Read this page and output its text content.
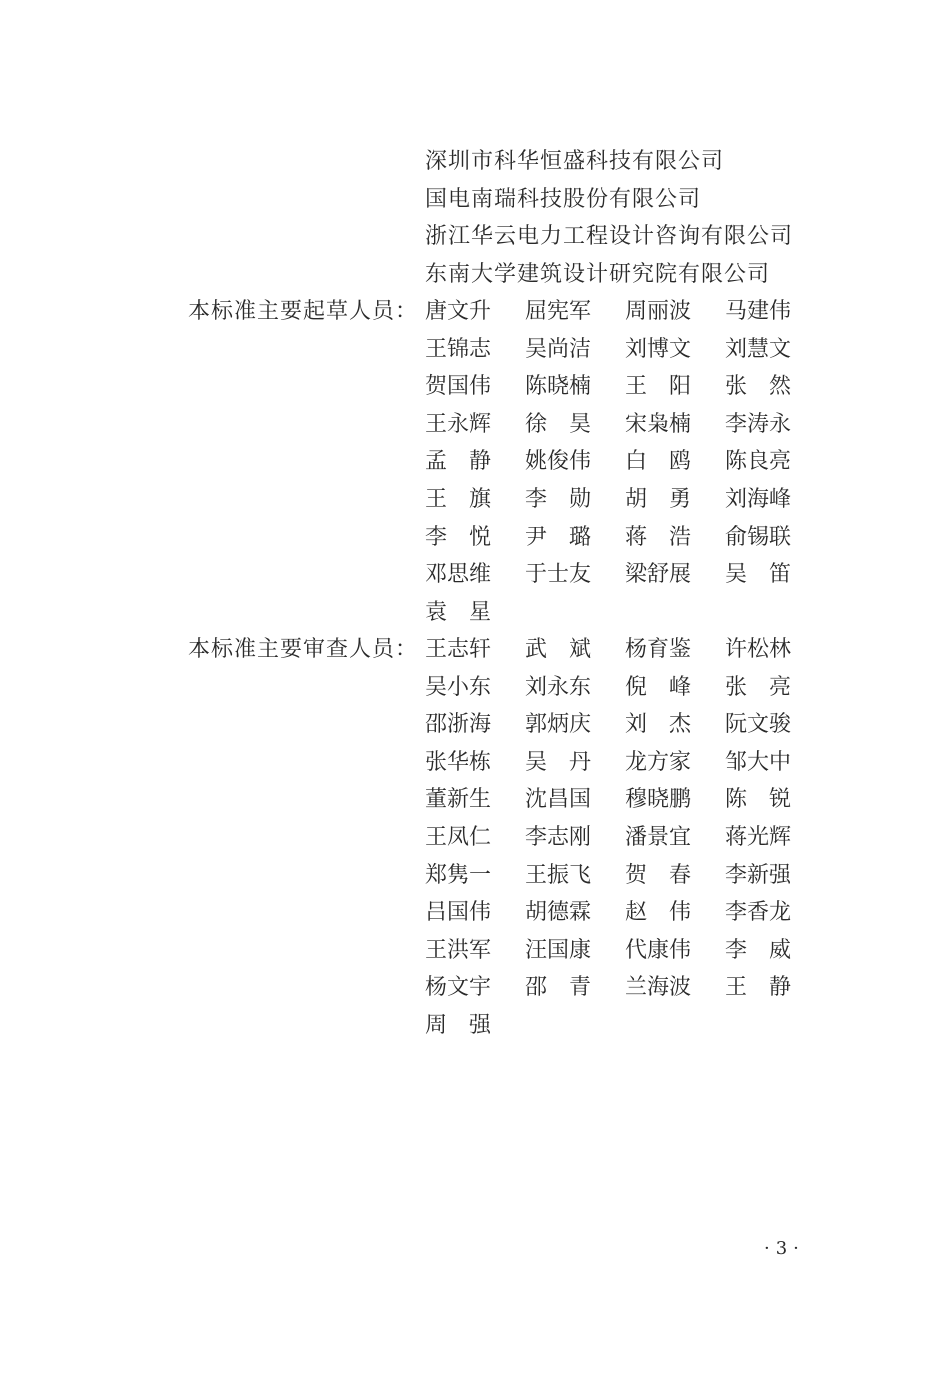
深圳市科华恒盛科技有限公司
国电南瑞科技股份有限公司
浙江华云电力工程设计咨询有限公司
东南大学建筑设计研究院有限公司
本标准主要起草人员： 唐文升	屈宪军	周丽波	马建伟
王锦志	吴尚洁	刘博文	刘慧文
贺国伟	陈晓楠	王　阳	张　然
王永辉	徐　昊	宋枭楠	李涛永
孟　静	姚俊伟	白　鸥	陈良亮
王　旗	李　勋	胡　勇	刘海峰
李　悦	尹　璐	蒋　浩	俞锡联
邓思维	于士友	梁舒展	吴　笛
袁　星
本标准主要审查人员： 王志轩	武　斌	杨育鉴	许松林
吴小东	刘永东	倪　峰	张　亮
邵浙海	郭炳庆	刘　杰	阮文骏
张华栋	吴　丹	龙方家	邹大中
董新生	沈昌国	穆晓鹏	陈　锐
王凤仁	李志刚	潘景宜	蒋光辉
郑隽一	王振飞	贺　春	李新强
吕国伟	胡德霖	赵　伟	李香龙
王洪军	汪国康	代康伟	李　威
杨文宇	邵　青	兰海波	王　静
周　强
·3·
